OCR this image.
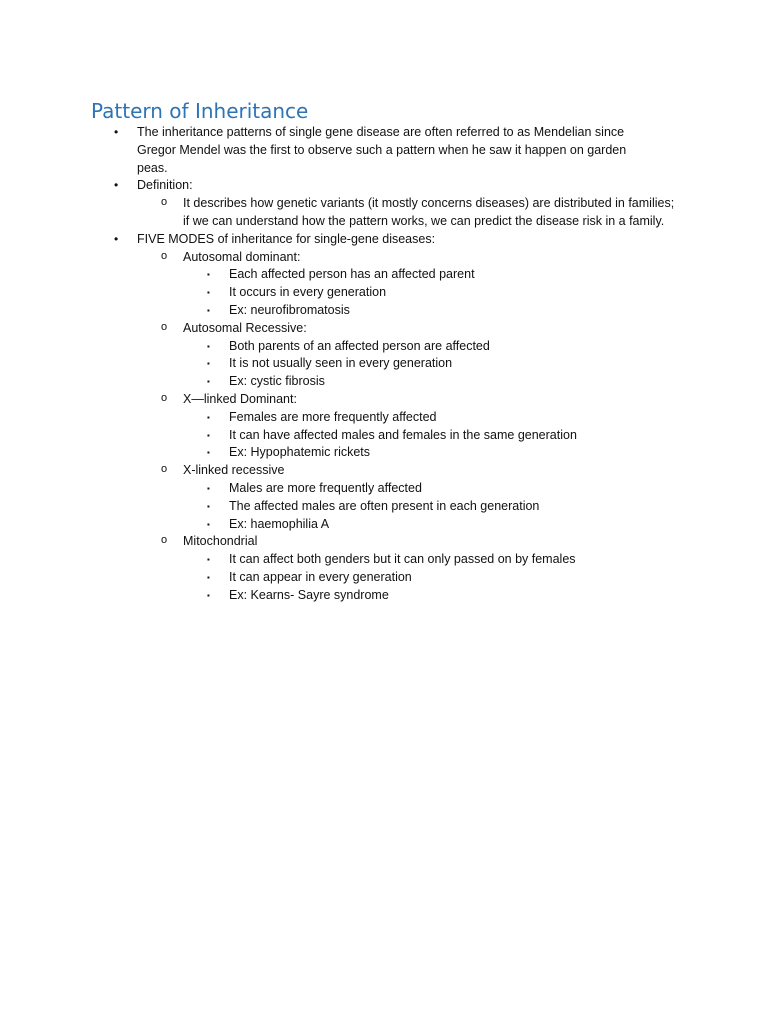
Pattern of Inheritance
• The inheritance patterns of single gene disease are often referred to as Mendelian since Gregor Mendel was the first to observe such a pattern when he saw it happen on garden peas.
• Definition:
o It describes how genetic variants (it mostly concerns diseases) are distributed in families; if we can understand how the pattern works, we can predict the disease risk in a family.
• FIVE MODES of inheritance for single-gene diseases:
o Autosomal dominant:
▪ Each affected person has an affected parent
▪ It occurs in every generation
▪ Ex: neurofibromatosis
o Autosomal Recessive:
▪ Both parents of an affected person are affected
▪ It is not usually seen in every generation
▪ Ex: cystic fibrosis
o X—linked Dominant:
▪ Females are more frequently affected
▪ It can have affected males and females in the same generation
▪ Ex: Hypophatemic rickets
o X-linked recessive
▪ Males are more frequently affected
▪ The affected males are often present in each generation
▪ Ex: haemophilia A
o Mitochondrial
▪ It can affect both genders but it can only passed on by females
▪ It can appear in every generation
▪ Ex: Kearns- Sayre syndrome
